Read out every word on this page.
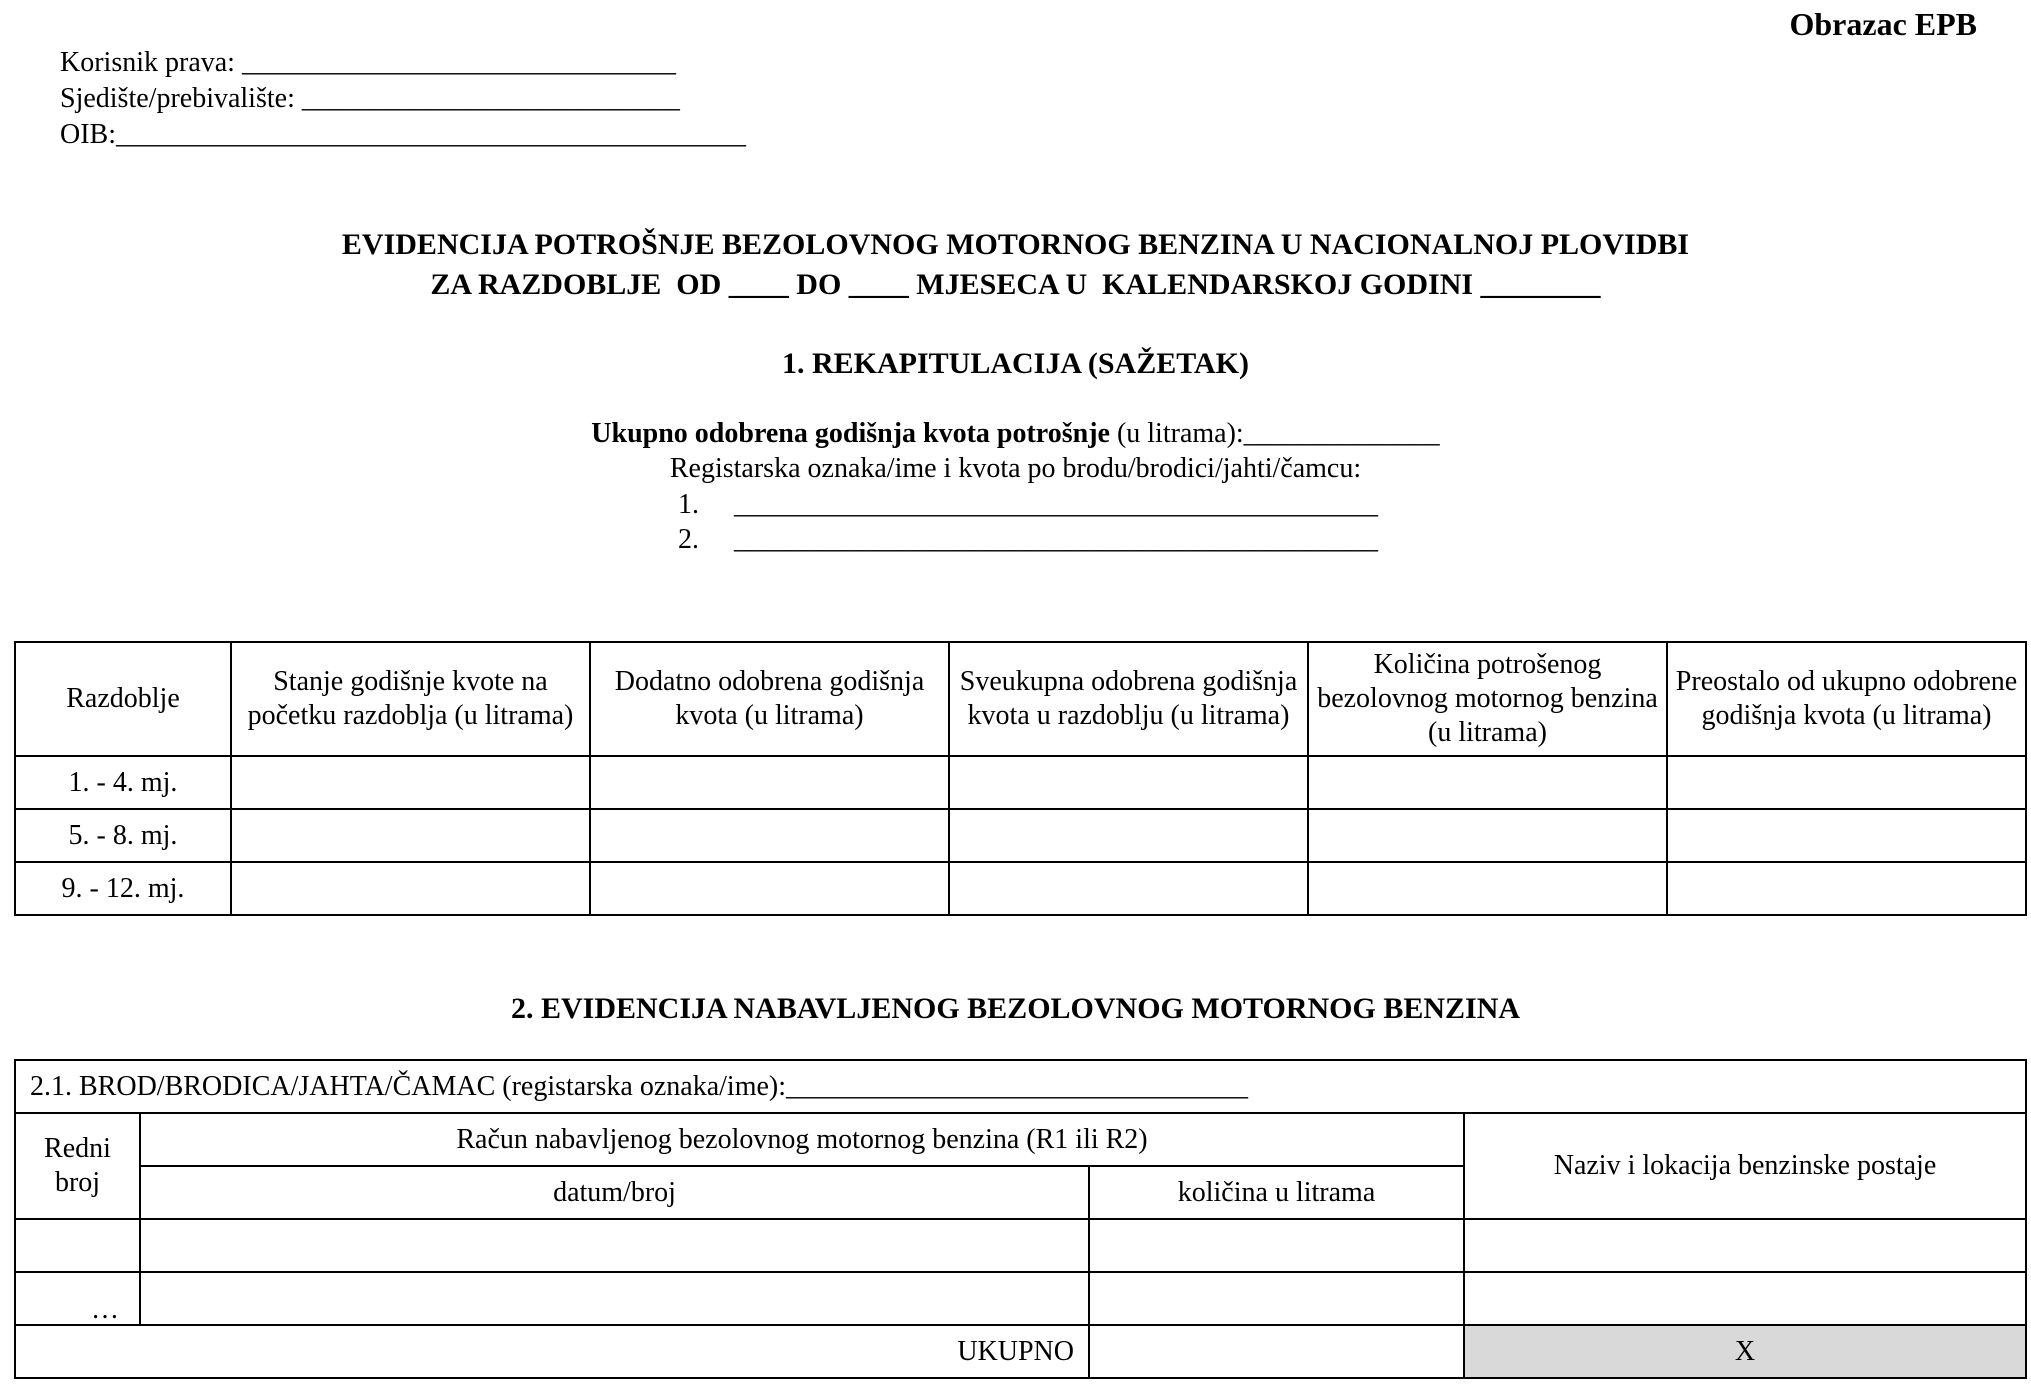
Obrazac EPB
Korisnik prava: _______________________________
Sjedište/prebivalište: ___________________________
OIB:_____________________________________________
EVIDENCIJA POTROŠNJE BEZOLOVNOG MOTORNOG BENZINA U NACIONALNOJ PLOVIDBI
ZA RAZDOBLJE  OD ____ DO ____ MJESECA U  KALENDARSKOJ GODINI ________
1. REKAPITULACIJA (SAŽETAK)
Ukupno odobrena godišnja kvota potrošnje (u litrama):______________
Registarska oznaka/ime i kvota po brodu/brodici/jahti/čamcu:
1.     ______________________________________________
2.     ______________________________________________
Razdoblje	Stanje godišnje kvote na početku razdoblja (u litrama)	Dodatno odobrena godišnja kvota (u litrama)	Sveukupna odobrena godišnja kvota u razdoblju (u litrama)	Količina potrošenog bezolovnog motornog benzina (u litrama)	Preostalo od ukupno odobrene godišnja kvota (u litrama)
1. - 4. mj.					
5. - 8. mj.					
9. - 12. mj.					
2. EVIDENCIJA NABAVLJENOG BEZOLOVNOG MOTORNOG BENZINA
2.1. BROD/BRODICA/JAHTA/ČAMAC (registarska oznaka/ime):_________________________________			
Redni broj	Račun nabavljenog bezolovnog motornog benzina (R1 ili R2)		Naziv i lokacija benzinske postaje
	datum/broj	količina u litrama	

…			

UKUPNO			X
